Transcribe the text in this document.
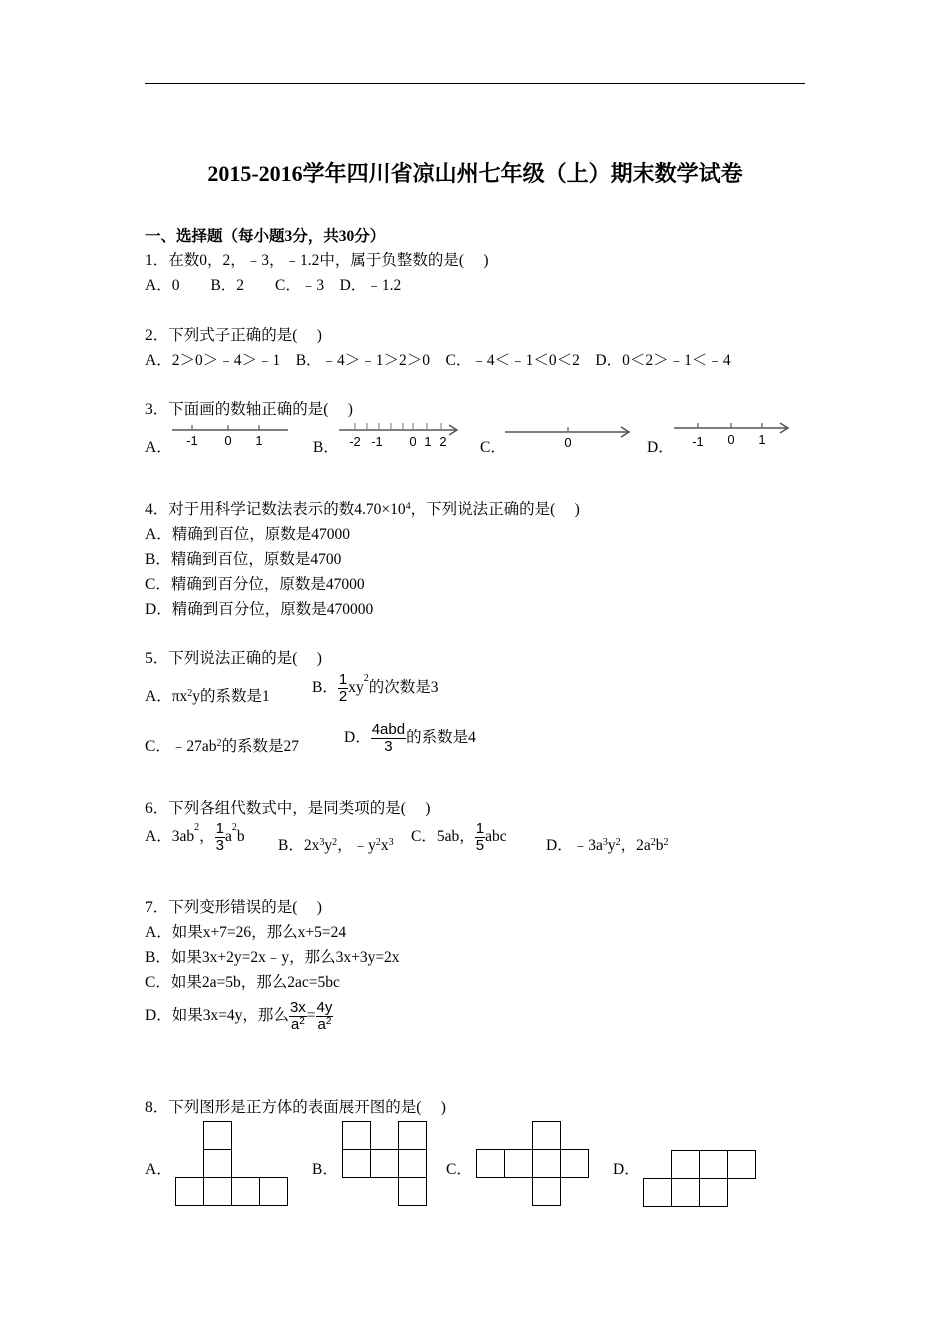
2015-2016学年四川省凉山州七年级（上）期末数学试卷
一、选择题（每小题3分，共30分）
1．在数0，2，﹣3，﹣1.2中，属于负整数的是(　 )
A．0　　B．2　　C．﹣3　D．﹣1.2
2．下列式子正确的是(　 )
A．2＞0＞﹣4＞﹣1　B．﹣4＞﹣1＞2＞0　C．﹣4＜﹣1＜0＜2　D．0＜2＞﹣1＜﹣4
3．下面画的数轴正确的是(　 )
A．	B．	C．	D．
-1 0 1	-2 -1 0 1 2	0	-1 0 1
4．对于用科学记数法表示的数$4.70\times 10^4$，下列说法正确的是(　 )
A．精确到百位，原数是47000
B．精确到百位，原数是4700
C．精确到百分位，原数是47000
D．精确到百分位，原数是470000
5．下列说法正确的是(　 )
A．$\pi x^2y$的系数是1
B． $\frac{1}{2} xy^2$的次数是3
C．$﹣27ab^2$的系数是27
D． $\frac{\text{4abd}}{3}$ 的系数是4
6．下列各组代数式中，是同类项的是(　 )
A．$3ab^2$， $\frac{1}{3} a^2b$
B．$2x^3y^2$，$﹣y^2x^3$ C．5ab， $\frac{1}{5}$ abc
D．$﹣3a^3y^2$，$2a^2b^2$
7．下列变形错误的是(　 )
A．如果x+7=26，那么x+5=24
B．如果3x+2y=2x﹣y，那么3x+3y=2x
C．如果2a=5b，那么2ac=5bc
D．如果3x=4y，那么 $\frac{3x}{a^2} = \frac{4y}{a^2}$
8．下列图形是正方体的表面展开图的是(　 )
A．	B．	C．	D．
